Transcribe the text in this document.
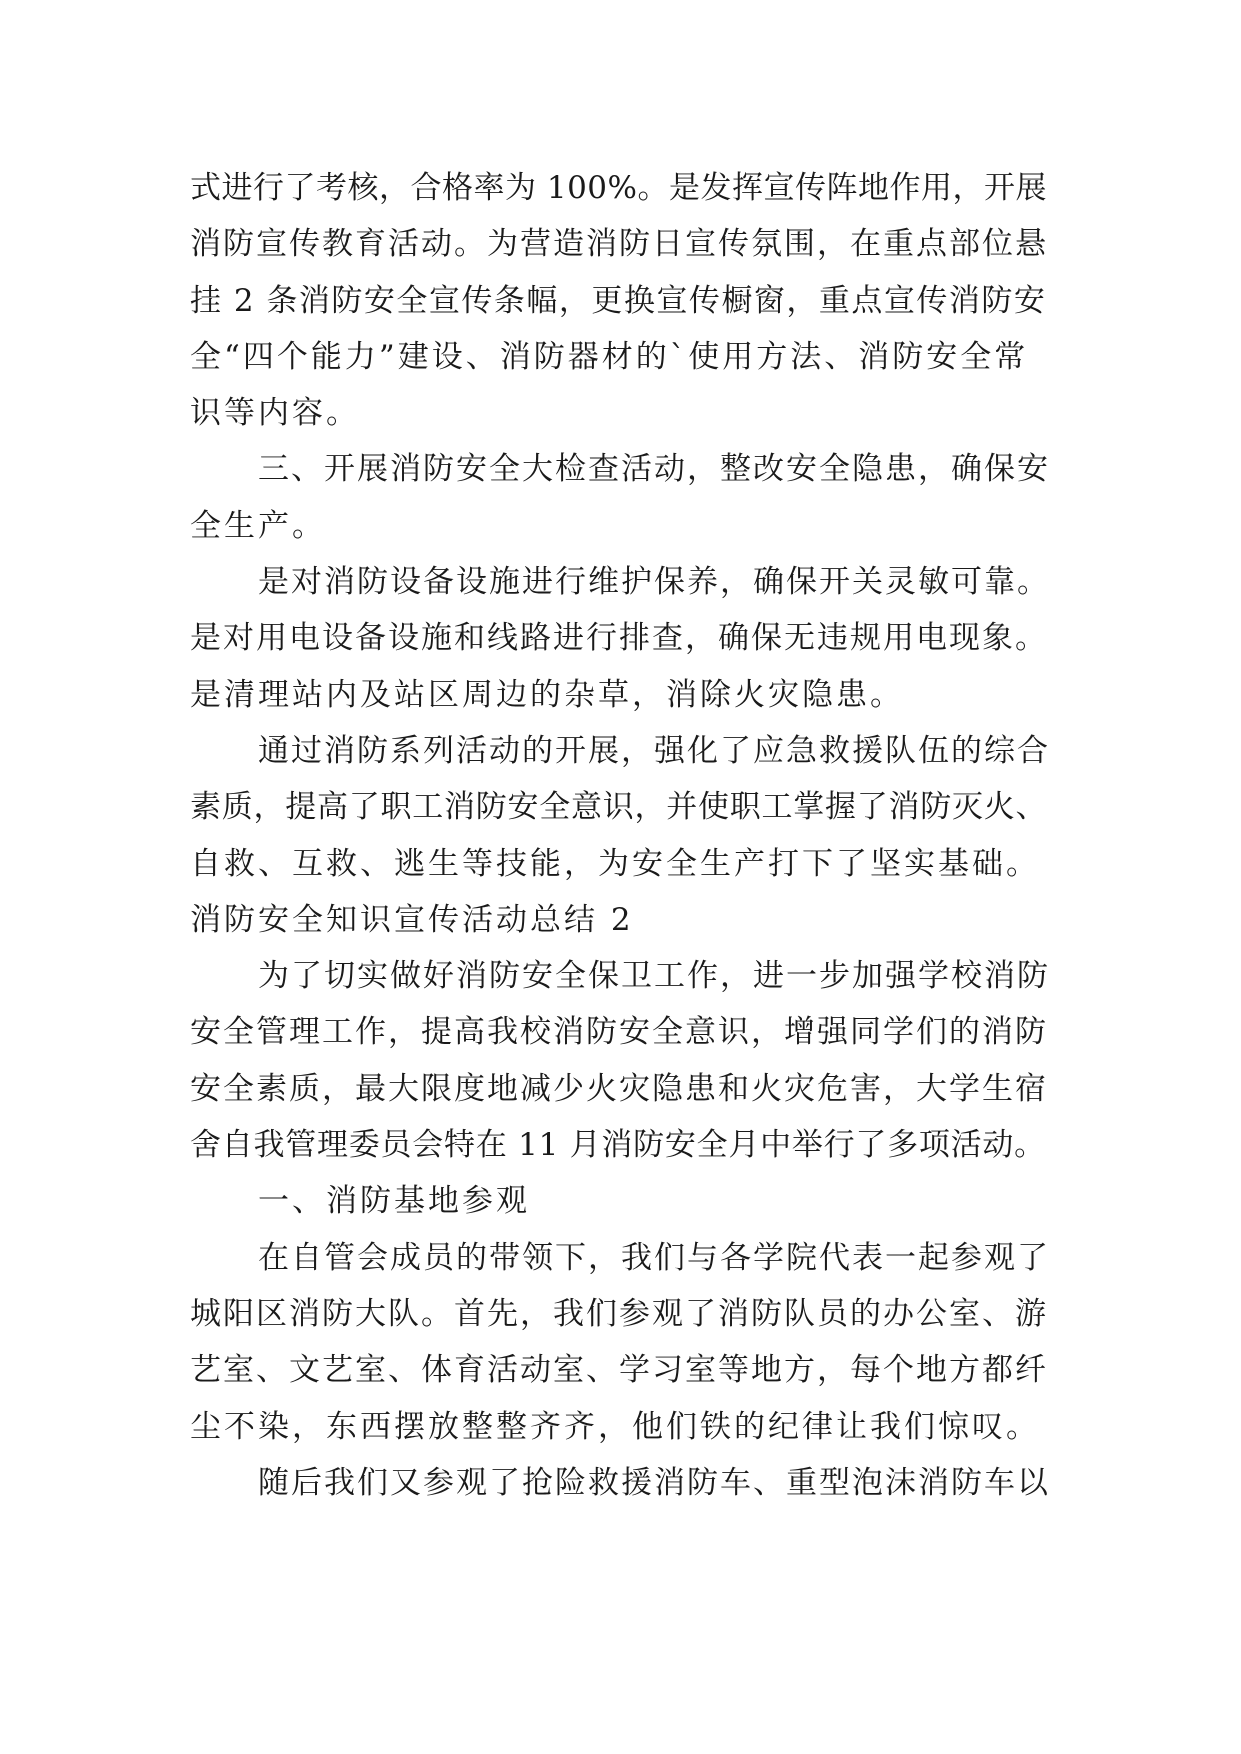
式进行了考核，合格率为 100%。是发挥宣传阵地作用，开展
消防宣传教育活动。为营造消防日宣传氛围，在重点部位悬
挂 2 条消防安全宣传条幅，更换宣传橱窗，重点宣传消防安
全“四个能力”建设、消防器材的`使用方法、消防安全常
识等内容。
三、开展消防安全大检查活动，整改安全隐患，确保安
全生产。
是对消防设备设施进行维护保养，确保开关灵敏可靠。
是对用电设备设施和线路进行排查，确保无违规用电现象。
是清理站内及站区周边的杂草，消除火灾隐患。
通过消防系列活动的开展，强化了应急救援队伍的综合
素质，提高了职工消防安全意识，并使职工掌握了消防灭火、
自救、互救、逃生等技能，为安全生产打下了坚实基础。
消防安全知识宣传活动总结 2
为了切实做好消防安全保卫工作，进一步加强学校消防
安全管理工作，提高我校消防安全意识，增强同学们的消防
安全素质，最大限度地减少火灾隐患和火灾危害，大学生宿
舍自我管理委员会特在 11 月消防安全月中举行了多项活动。
一、消防基地参观
在自管会成员的带领下，我们与各学院代表一起参观了
城阳区消防大队。首先，我们参观了消防队员的办公室、游
艺室、文艺室、体育活动室、学习室等地方，每个地方都纤
尘不染，东西摆放整整齐齐，他们铁的纪律让我们惊叹。
随后我们又参观了抢险救援消防车、重型泡沫消防车以
